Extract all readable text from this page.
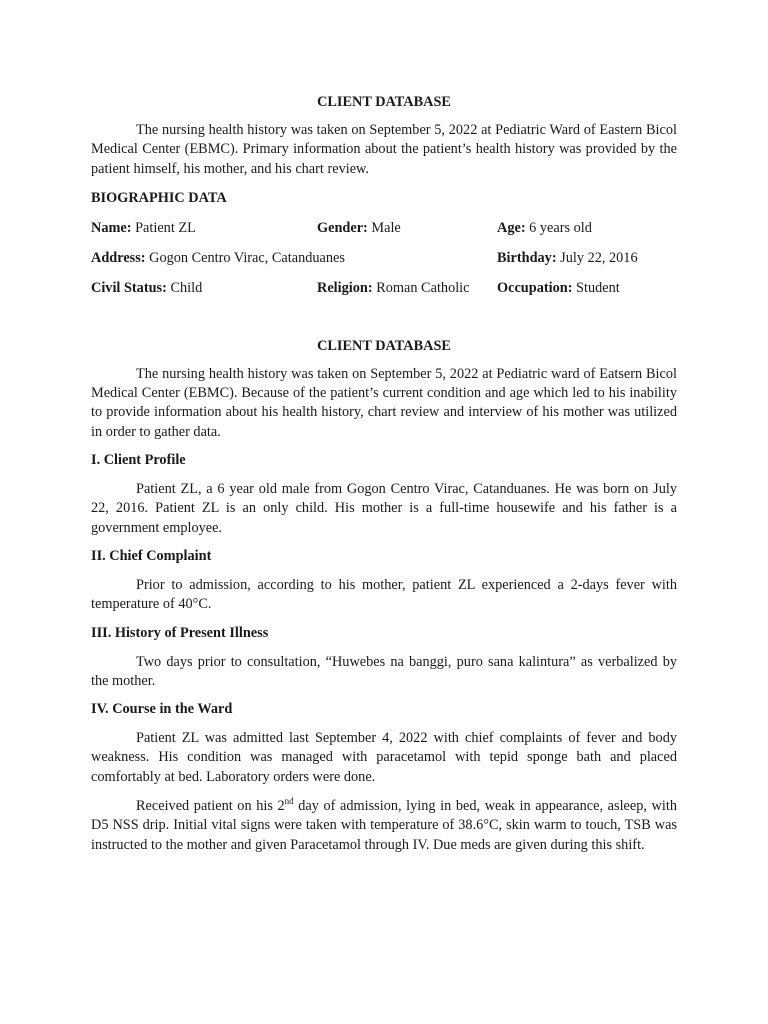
CLIENT DATABASE

The nursing health history was taken on September 5, 2022 at Pediatric Ward of Eastern Bicol Medical Center (EBMC). Primary information about the patient’s health history was provided by the patient himself, his mother, and his chart review.

BIOGRAPHIC DATA
Name: Patient ZL	Gender: Male	Age: 6 years old
Address: Gogon Centro Virac, Catanduanes	Birthday: July 22, 2016
Civil Status: Child	Religion: Roman Catholic	Occupation: Student
CLIENT DATABASE

The nursing health history was taken on September 5, 2022 at Pediatric ward of Eatsern Bicol Medical Center (EBMC). Because of the patient’s current condition and age which led to his inability to provide information about his health history, chart review and interview of his mother was utilized in order to gather data.

I. Client Profile

Patient ZL, a 6 year old male from Gogon Centro Virac, Catanduanes. He was born on July 22, 2016. Patient ZL is an only child. His mother is a full-time housewife and his father is a government employee.

II. Chief Complaint

Prior to admission, according to his mother, patient ZL experienced a 2-days fever with temperature of 40°C.

III. History of Present Illness

Two days prior to consultation, “Huwebes na banggi, puro sana kalintura” as verbalized by the mother.

IV. Course in the Ward

Patient ZL was admitted last September 4, 2022 with chief complaints of fever and body weakness. His condition was managed with paracetamol with tepid sponge bath and placed comfortably at bed. Laboratory orders were done.

Received patient on his 2nd day of admission, lying in bed, weak in appearance, asleep, with D5 NSS drip. Initial vital signs were taken with temperature of 38.6°C, skin warm to touch, TSB was instructed to the mother and given Paracetamol through IV. Due meds are given during this shift.
